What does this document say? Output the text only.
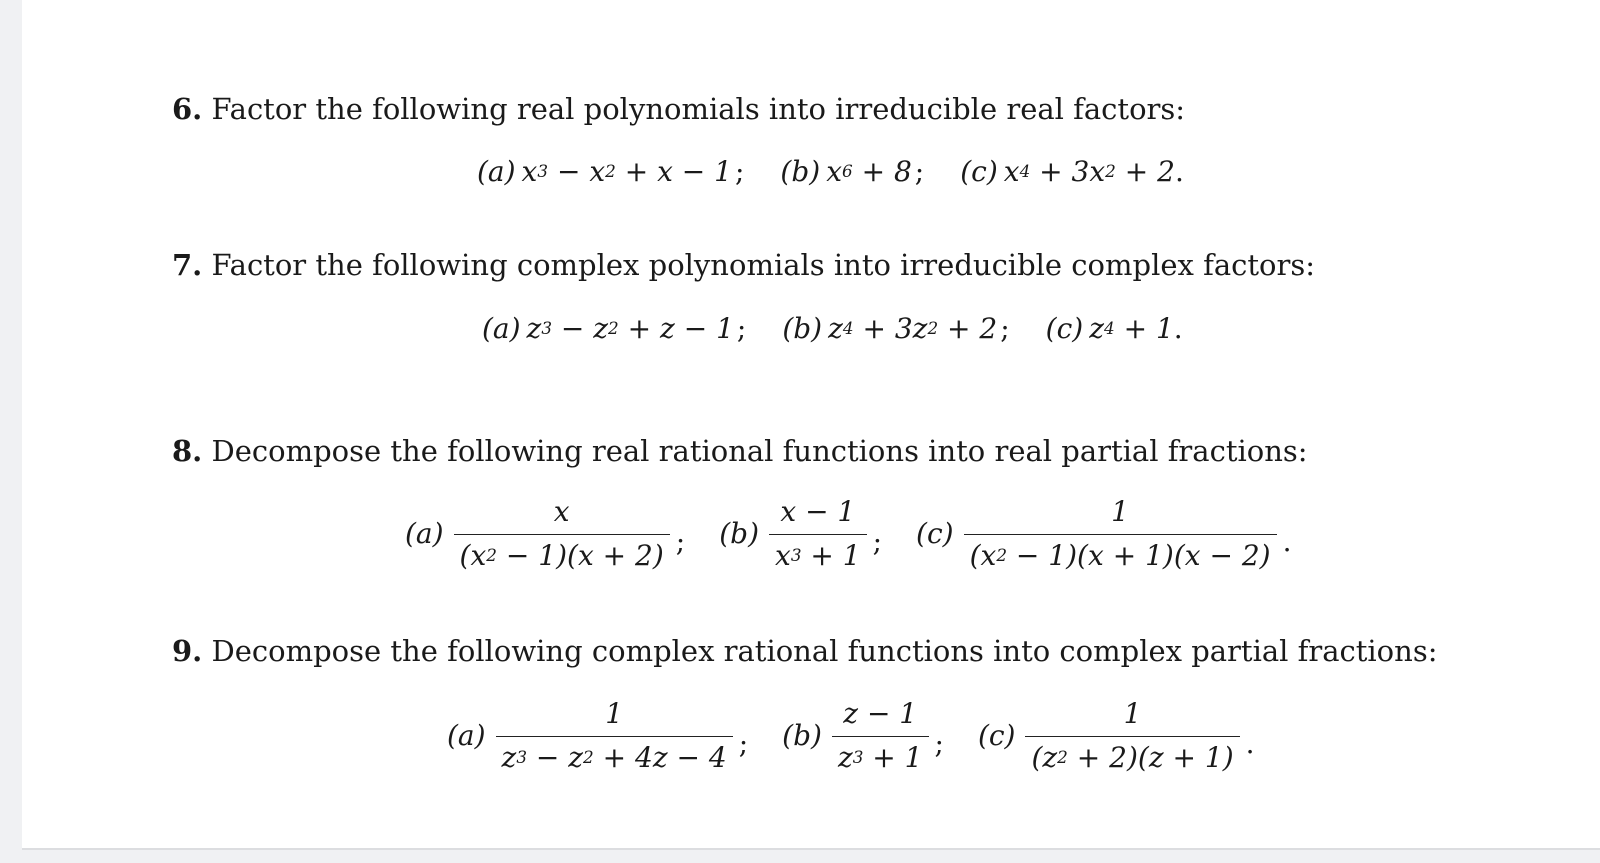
6. Factor the following real polynomials into irreducible real factors:
(a) $x^3 - x^2 + x - 1$ ; (b) $x^6 + 8$ ; (c) $x^4 + 3x^2 + 2$ .
7. Factor the following complex polynomials into irreducible complex factors:
(a) $z^3 - z^2 + z - 1$ ; (b) $z^4 + 3z^2 + 2$ ; (c) $z^4 + 1$ .
8. Decompose the following real rational functions into real partial fractions:
$(a) \frac{x}{(x^2 - 1)(x + 2)}$ ; $(b) \frac{x - 1}{x^3 + 1}$ ; $(c) \frac{1}{(x^2 - 1)(x + 1)(x - 2)}$ .
9. Decompose the following complex rational functions into complex partial fractions:
$(a) \frac{1}{z^3 - z^2 + 4z - 4}$ ; $(b) \frac{z - 1}{z^3 + 1}$ ; $(c) \frac{1}{(z^2 + 2)(z + 1)}$ .
